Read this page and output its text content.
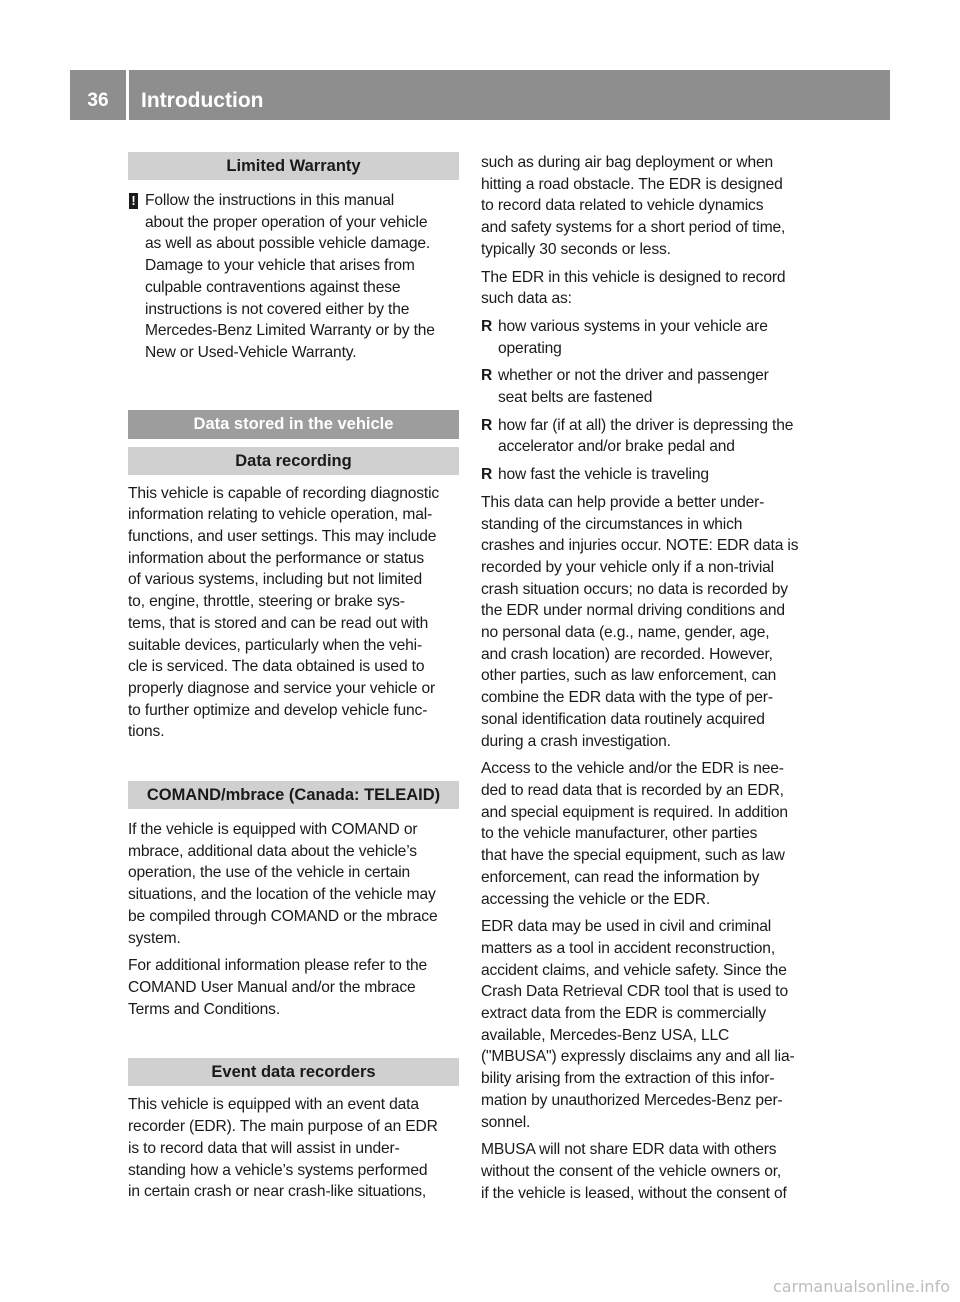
36	Introduction
Limited Warranty
! Follow the instructions in this manual
about the proper operation of your vehicle
as well as about possible vehicle damage.
Damage to your vehicle that arises from
culpable contraventions against these
instructions is not covered either by the
Mercedes-Benz Limited Warranty or by the
New or Used-Vehicle Warranty.
Data stored in the vehicle
Data recording
This vehicle is capable of recording diagnostic
information relating to vehicle operation, mal-
functions, and user settings. This may include
information about the performance or status
of various systems, including but not limited
to, engine, throttle, steering or brake sys-
tems, that is stored and can be read out with
suitable devices, particularly when the vehi-
cle is serviced. The data obtained is used to
properly diagnose and service your vehicle or
to further optimize and develop vehicle func-
tions.
COMAND/mbrace (Canada: TELEAID)
If the vehicle is equipped with COMAND or
mbrace, additional data about the vehicle’s
operation, the use of the vehicle in certain
situations, and the location of the vehicle may
be compiled through COMAND or the mbrace
system.
For additional information please refer to the
COMAND User Manual and/or the mbrace
Terms and Conditions.
Event data recorders
This vehicle is equipped with an event data
recorder (EDR). The main purpose of an EDR
is to record data that will assist in under-
standing how a vehicle’s systems performed
in certain crash or near crash-like situations,
such as during air bag deployment or when
hitting a road obstacle. The EDR is designed
to record data related to vehicle dynamics
and safety systems for a short period of time,
typically 30 seconds or less.
The EDR in this vehicle is designed to record
such data as:
R how various systems in your vehicle are
operating
R whether or not the driver and passenger
seat belts are fastened
R how far (if at all) the driver is depressing the
accelerator and/or brake pedal and
R how fast the vehicle is traveling
This data can help provide a better under-
standing of the circumstances in which
crashes and injuries occur. NOTE: EDR data is
recorded by your vehicle only if a non-trivial
crash situation occurs; no data is recorded by
the EDR under normal driving conditions and
no personal data (e.g., name, gender, age,
and crash location) are recorded. However,
other parties, such as law enforcement, can
combine the EDR data with the type of per-
sonal identification data routinely acquired
during a crash investigation.
Access to the vehicle and/or the EDR is nee-
ded to read data that is recorded by an EDR,
and special equipment is required. In addition
to the vehicle manufacturer, other parties
that have the special equipment, such as law
enforcement, can read the information by
accessing the vehicle or the EDR.
EDR data may be used in civil and criminal
matters as a tool in accident reconstruction,
accident claims, and vehicle safety. Since the
Crash Data Retrieval CDR tool that is used to
extract data from the EDR is commercially
available, Mercedes-Benz USA, LLC
("MBUSA") expressly disclaims any and all lia-
bility arising from the extraction of this infor-
mation by unauthorized Mercedes-Benz per-
sonnel.
MBUSA will not share EDR data with others
without the consent of the vehicle owners or,
if the vehicle is leased, without the consent of
carmanualsonline.info
